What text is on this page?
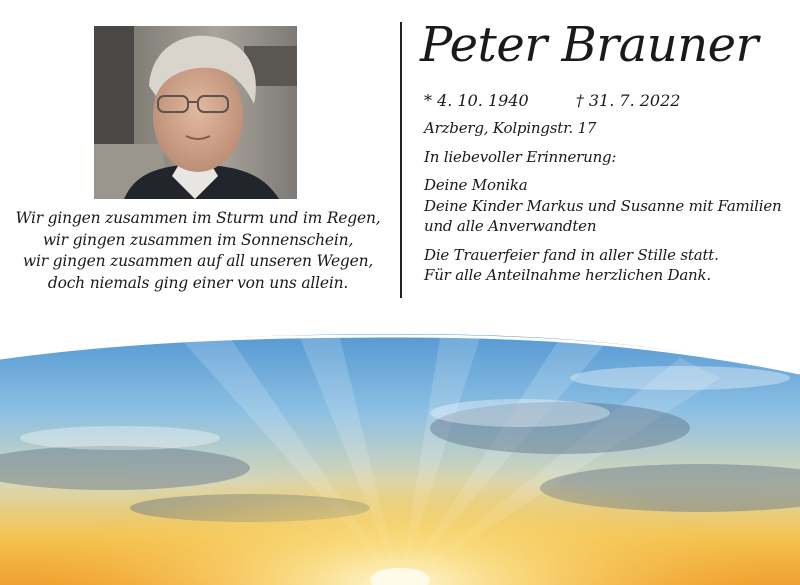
Wir gingen zusammen im Sturm und im Regen,
wir gingen zusammen im Sonnenschein,
wir gingen zusammen auf all unseren Wegen,
doch niemals ging einer von uns allein.
Peter Brauner
* 4. 10. 1940	† 31. 7. 2022
Arzberg, Kolpingstr. 17
In liebevoller Erinnerung:
Deine Monika
Deine Kinder Markus und Susanne mit Familien
und alle Anverwandten
Die Trauerfeier fand in aller Stille statt.
Für alle Anteilnahme herzlichen Dank.
